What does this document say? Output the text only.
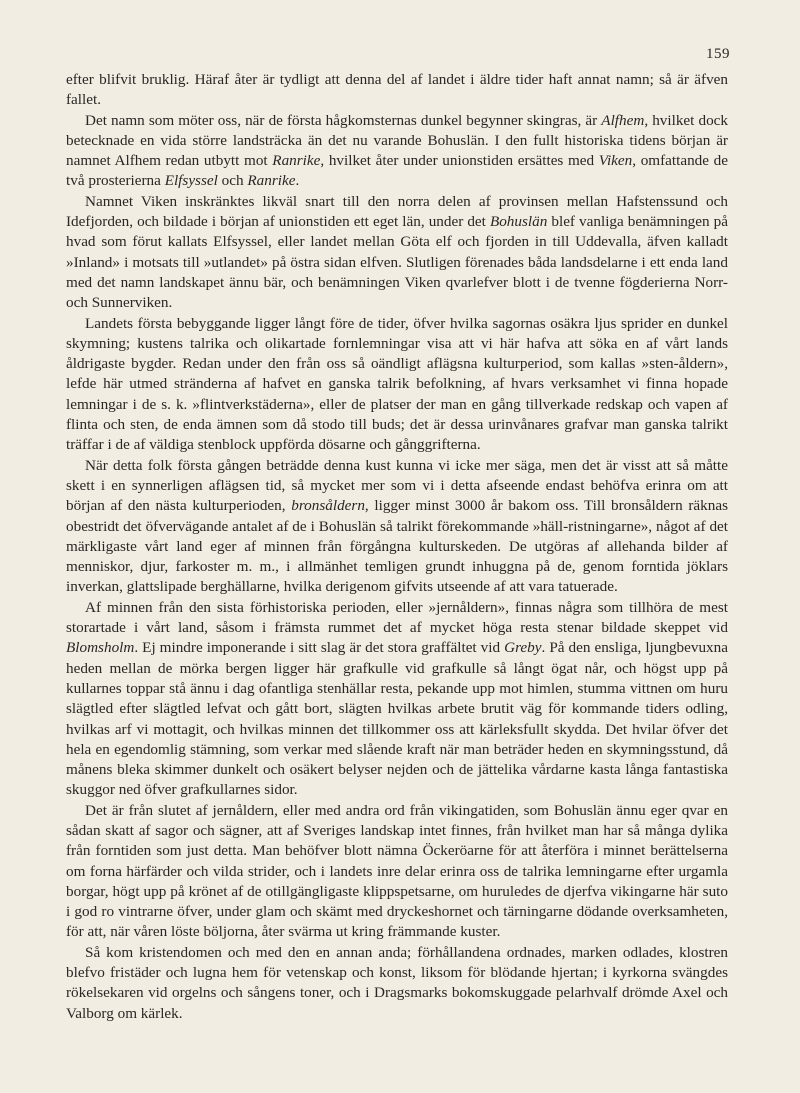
159

efter blifvit bruklig. Häraf åter är tydligt att denna del af landet i äldre tider haft annat namn; så är äfven fallet.

Det namn som möter oss, när de första hågkomsternas dunkel begynner skingras, är Alfhem, hvilket dock betecknade en vida större landsträcka än det nu varande Bohuslän. I den fullt historiska tidens början är namnet Alfhem redan utbytt mot Ranrike, hvilket åter under unionstiden ersättes med Viken, omfattande de två prosterierna Elfsyssel och Ranrike.

Namnet Viken inskränktes likväl snart till den norra delen af provinsen mellan Hafstenssund och Idefjorden, och bildade i början af unionstiden ett eget län, under det Bohuslän blef vanliga benämningen på hvad som förut kallats Elfsyssel, eller landet mellan Göta elf och fjorden in till Uddevalla, äfven kalladt »Inland» i motsats till »utlandet» på östra sidan elfven. Slutligen förenades båda landsdelarne i ett enda land med det namn landskapet ännu bär, och benämningen Viken qvarlefver blott i de tvenne fögderierna Norr- och Sunnerviken.

Landets första bebyggande ligger långt före de tider, öfver hvilka sagornas osäkra ljus sprider en dunkel skymning; kustens talrika och olikartade fornlemningar visa att vi här hafva att söka en af vårt lands åldrigaste bygder. Redan under den från oss så oändligt aflägsna kulturperiod, som kallas »sten-åldern», lefde här utmed stränderna af hafvet en ganska talrik befolkning, af hvars verksamhet vi finna hopade lemningar i de s. k. »flintverkstäderna», eller de platser der man en gång tillverkade redskap och vapen af flinta och sten, de enda ämnen som då stodo till buds; det är dessa urinvånares grafvar man ganska talrikt träffar i de af väldiga stenblock uppförda dösarne och gånggrifterna.

När detta folk första gången beträdde denna kust kunna vi icke mer säga, men det är visst att så måtte skett i en synnerligen aflägsen tid, så mycket mer som vi i detta afseende endast behöfva erinra om att början af den nästa kulturperioden, bronsåldern, ligger minst 3000 år bakom oss. Till bronsåldern räknas obestridt det öfvervägande antalet af de i Bohuslän så talrikt förekommande »häll-ristningarne», något af det märkligaste vårt land eger af minnen från förgångna kulturskeden. De utgöras af allehanda bilder af menniskor, djur, farkoster m. m., i allmänhet temligen grundt inhuggna på de, genom forntida jöklars inverkan, glattslipade berghällarne, hvilka derigenom gifvits utseende af att vara tatuerade.

Af minnen från den sista förhistoriska perioden, eller »jernåldern», finnas några som tillhöra de mest storartade i vårt land, såsom i främsta rummet det af mycket höga resta stenar bildade skeppet vid Blomsholm. Ej mindre imponerande i sitt slag är det stora graffältet vid Greby. På den ensliga, ljungbevuxna heden mellan de mörka bergen ligger här grafkulle vid grafkulle så långt ögat når, och högst upp på kullarnes toppar stå ännu i dag ofantliga stenhällar resta, pekande upp mot himlen, stumma vittnen om huru slägtled efter slägtled lefvat och gått bort, slägten hvilkas arbete brutit väg för kommande tiders odling, hvilkas arf vi mottagit, och hvilkas minnen det tillkommer oss att kärleksfullt skydda. Det hvilar öfver det hela en egendomlig stämning, som verkar med slående kraft när man beträder heden en skymningsstund, då månens bleka skimmer dunkelt och osäkert belyser nejden och de jättelika vårdarne kasta långa fantastiska skuggor ned öfver grafkullarnes sidor.

Det är från slutet af jernåldern, eller med andra ord från vikingatiden, som Bohuslän ännu eger qvar en sådan skatt af sagor och sägner, att af Sveriges landskap intet finnes, från hvilket man har så många dylika från forntiden som just detta. Man behöfver blott nämna Öckeröarne för att återföra i minnet berättelserna om forna härfärder och vilda strider, och i landets inre delar erinra oss de talrika lemningarne efter urgamla borgar, högt upp på krönet af de otillgängligaste klippspetsarne, om huruledes de djerfva vikingarne här suto i god ro vintrarne öfver, under glam och skämt med dryckeshornet och tärningarne dödande overksamheten, för att, när våren löste böljorna, åter svärma ut kring främmande kuster.

Så kom kristendomen och med den en annan anda; förhållandena ordnades, marken odlades, klostren blefvo fristäder och lugna hem för vetenskap och konst, liksom för blödande hjertan; i kyrkorna svängdes rökelsekaren vid orgelns och sångens toner, och i Dragsmarks bokomskuggade pelarhvalf drömde Axel och Valborg om kärlek.
